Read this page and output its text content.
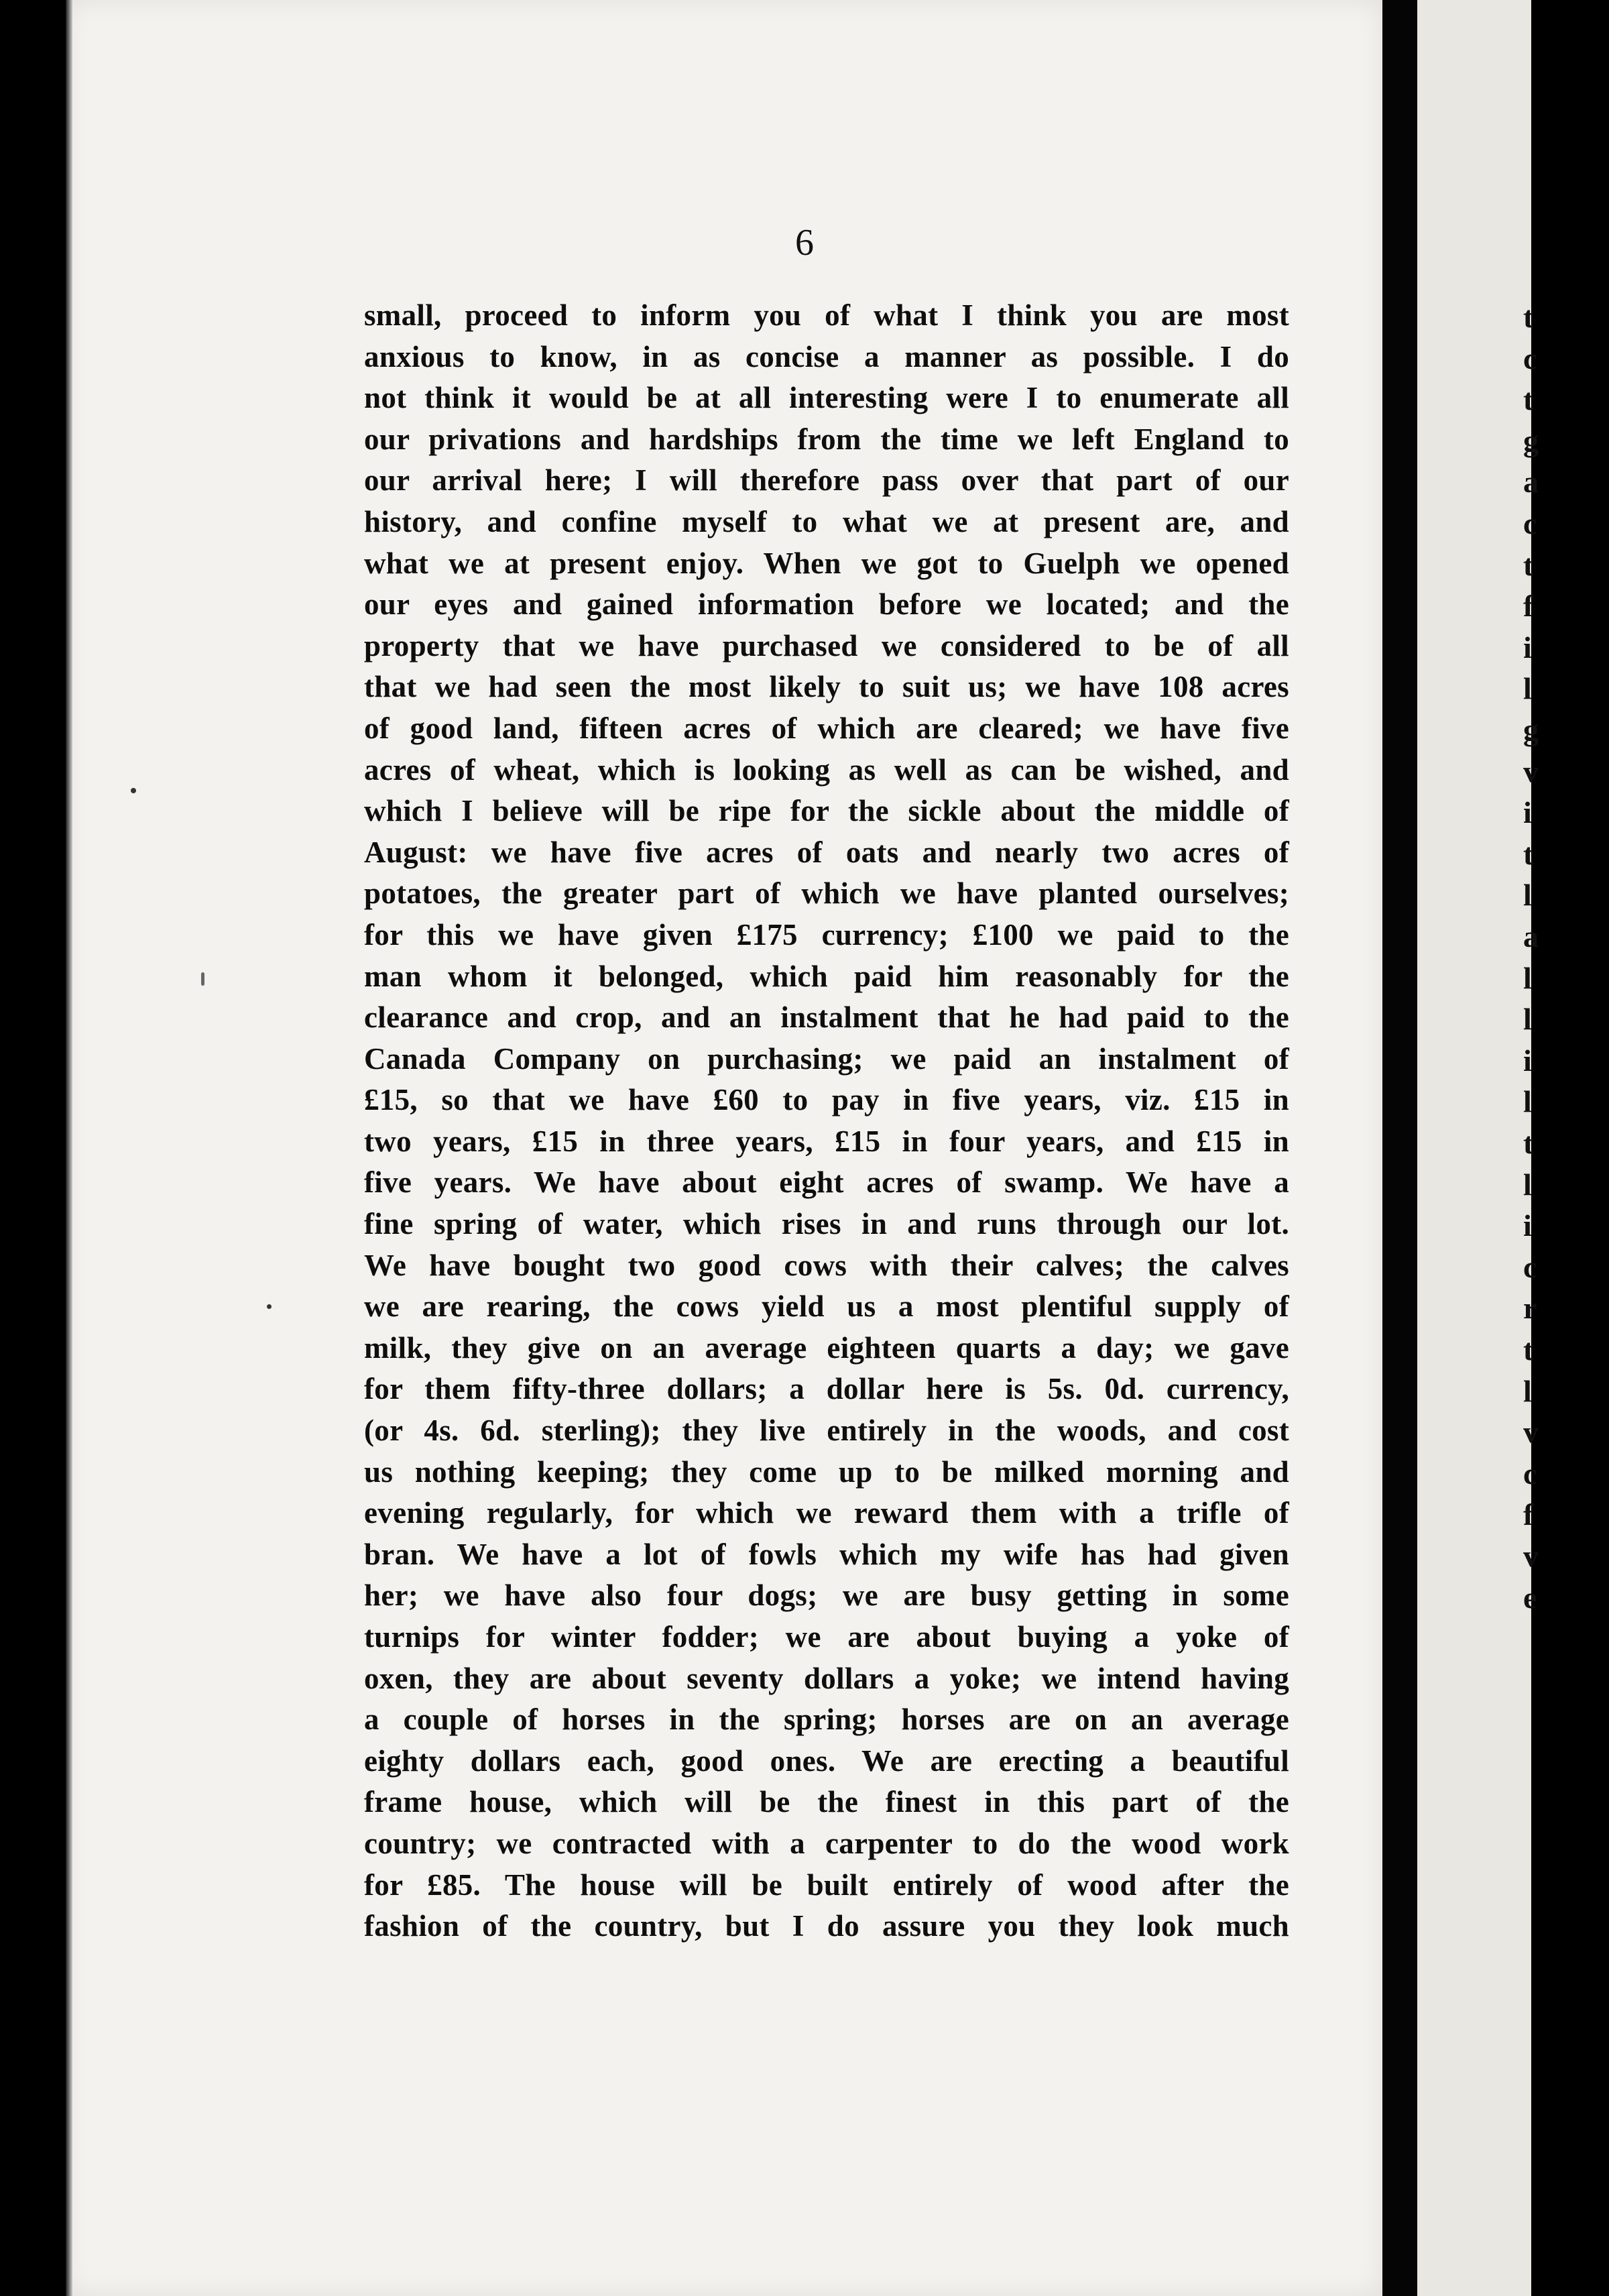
6
small, proceed to inform you of what I think you are most
anxious to know, in as concise a manner as possible. I do
not think it would be at all interesting were I to enumerate all
our privations and hardships from the time we left England to
our arrival here; I will therefore pass over that part of our
history, and confine myself to what we at present are, and
what we at present enjoy. When we got to Guelph we opened
our eyes and gained information before we located; and the
property that we have purchased we considered to be of all
that we had seen the most likely to suit us; we have 108 acres
of good land, fifteen acres of which are cleared; we have five
acres of wheat, which is looking as well as can be wished, and
which I believe will be ripe for the sickle about the middle of
August: we have five acres of oats and nearly two acres of
potatoes, the greater part of which we have planted ourselves;
for this we have given £175 currency; £100 we paid to the
man whom it belonged, which paid him reasonably for the
clearance and crop, and an instalment that he had paid to the
Canada Company on purchasing; we paid an instalment of
£15, so that we have £60 to pay in five years, viz. £15 in
two years, £15 in three years, £15 in four years, and £15 in
five years. We have about eight acres of swamp. We have a
fine spring of water, which rises in and runs through our lot.
We have bought two good cows with their calves; the calves
we are rearing, the cows yield us a most plentiful supply of
milk, they give on an average eighteen quarts a day; we gave
for them fifty-three dollars; a dollar here is 5s. 0d. currency,
(or 4s. 6d. sterling); they live entirely in the woods, and cost
us nothing keeping; they come up to be milked morning and
evening regularly, for which we reward them with a trifle of
bran. We have a lot of fowls which my wife has had given
her; we have also four dogs; we are busy getting in some
turnips for winter fodder; we are about buying a yoke of
oxen, they are about seventy dollars a yoke; we intend having
a couple of horses in the spring; horses are on an average
eighty dollars each, good ones. We are erecting a beautiful
frame house, which will be the finest in this part of the
country; we contracted with a carpenter to do the wood work
for £85. The house will be built entirely of wood after the
fashion of the country, but I do assure you they look much
t
c
t
g
a
c
t
f
i
l
g
v
i
t
l
a
l
l
i
l
t
l
i
c
r
t
l
v
c
f
v
e
